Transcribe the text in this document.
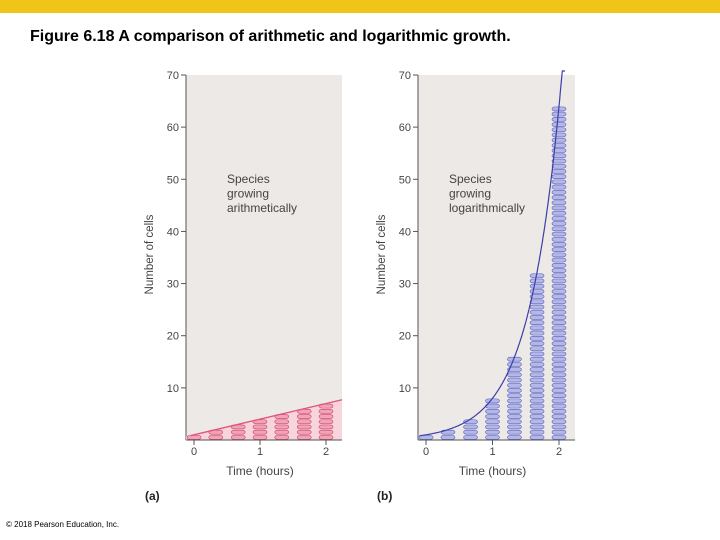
Figure 6.18 A comparison of arithmetic and logarithmic growth.
10
20
30
40
50
60
70
0	1	2
Species
growing
arithmetically
Number of cells
Time (hours)
(a)
10
20
30
40
50
60
70
0	1	2
Species
growing
logarithmically
Number of cells
Time (hours)
(b)
© 2018 Pearson Education, Inc.
